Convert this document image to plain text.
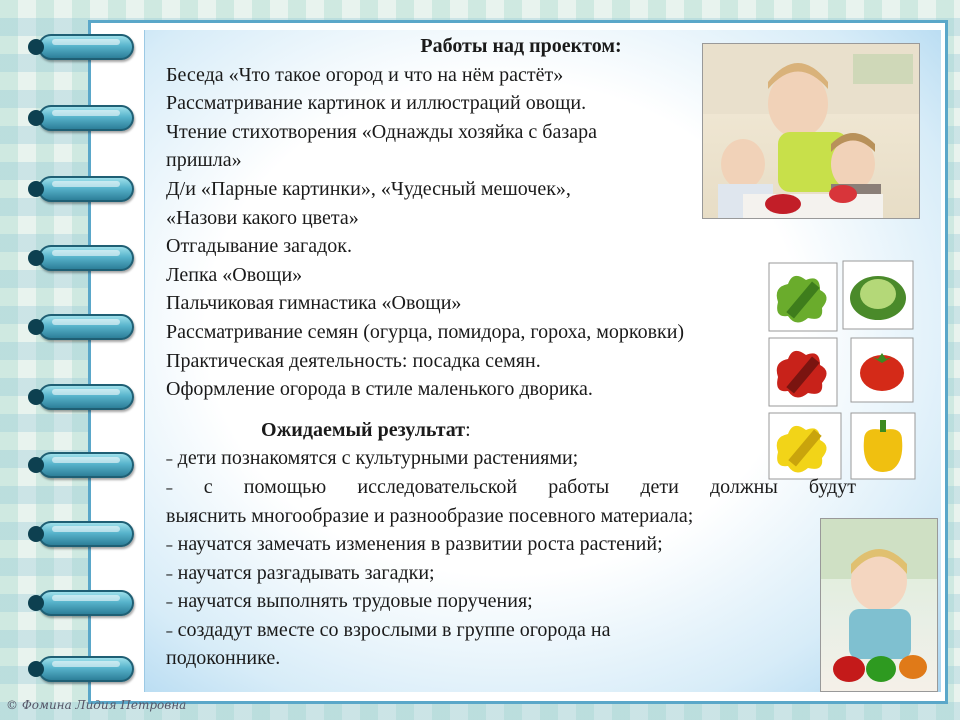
Работы над проектом:

Беседа «Что такое огород и что на нём растёт»

Рассматривание картинок и иллюстраций овощи.

Чтение стихотворения «Однажды хозяйка с базара

пришла»

Д/и «Парные картинки», «Чудесный мешочек»,

«Назови какого цвета»

Отгадывание загадок.

Лепка «Овощи»

Пальчиковая гимнастика «Овощи»

Рассматривание семян (огурца, помидора, гороха, морковки)

Практическая деятельность: посадка семян.

Оформление огорода в стиле маленького дворика.

Ожидаемый результат:

˗ дети познакомятся с культурными растениями;

˗ с помощью исследовательской работы дети должны будут

выяснить многообразие и разнообразие посевного материала;

˗ научатся замечать изменения в развитии роста растений;

˗ научатся разгадывать загадки;

˗ научатся выполнять трудовые поручения;

˗ создадут вместе со взрослыми в группе огорода на

подоконнике.

© Фомина Лидия Петровна
